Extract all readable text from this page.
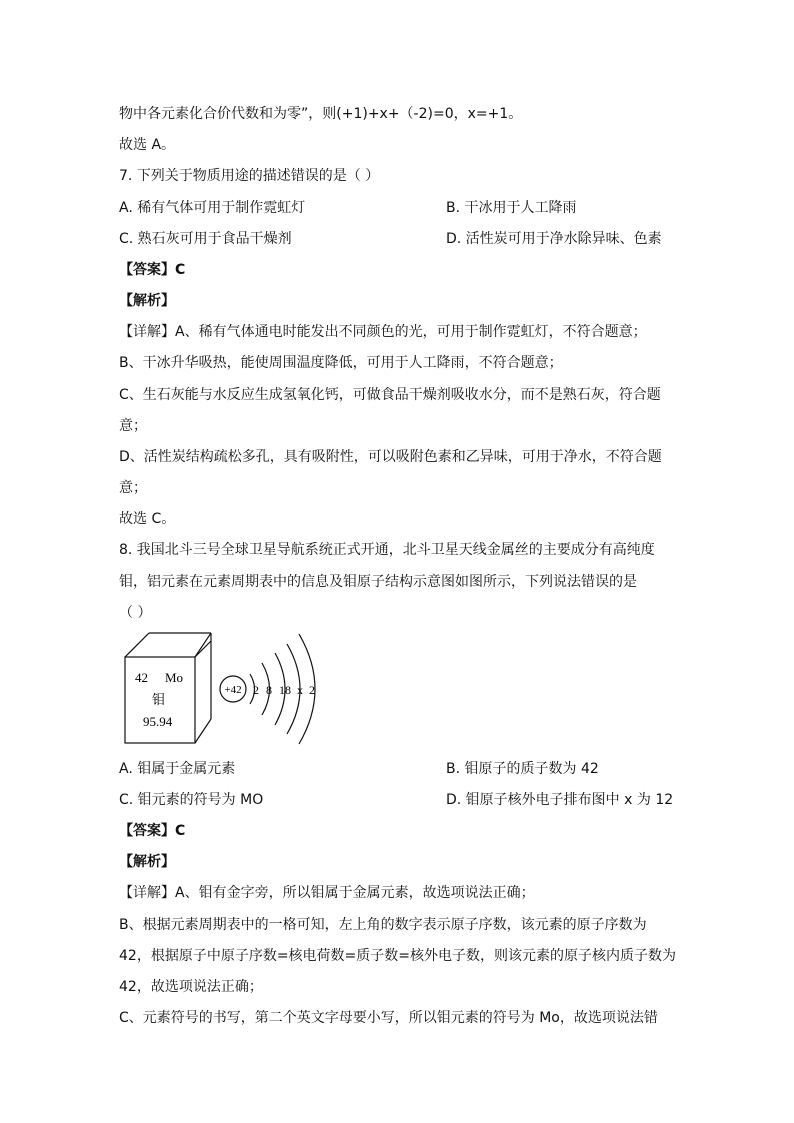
物中各元素化合价代数和为零”，则(+1)+x+（-2)=0，x=+1。
故选 A。
7. 下列关于物质用途的描述错误的是（ ）
A. 稀有气体可用于制作霓虹灯	B. 干冰用于人工降雨
C. 熟石灰可用于食品干燥剂	D. 活性炭可用于净水除异味、色素
【答案】C
【解析】
【详解】A、稀有气体通电时能发出不同颜色的光，可用于制作霓虹灯，不符合题意；
B、干冰升华吸热，能使周围温度降低，可用于人工降雨，不符合题意；
C、生石灰能与水反应生成氢氧化钙，可做食品干燥剂吸收水分，而不是熟石灰，符合题
意；
D、活性炭结构疏松多孔，具有吸附性，可以吸附色素和乙异味，可用于净水，不符合题
意；
故选 C。
8. 我国北斗三号全球卫星导航系统正式开通，北斗卫星天线金属丝的主要成分有高纯度
钼，铝元素在元素周期表中的信息及钼原子结构示意图如图所示，下列说法错误的是
（ ）
42 Mo
钼
95.94
+42 2 8 18 x 2
A. 钼属于金属元素	B. 钼原子的质子数为 42
C. 钼元素的符号为 MO	D. 钼原子核外电子排布图中 x 为 12
【答案】C
【解析】
【详解】A、钼有金字旁，所以钼属于金属元素，故选项说法正确；
B、根据元素周期表中的一格可知，左上角的数字表示原子序数，该元素的原子序数为
42，根据原子中原子序数=核电荷数=质子数=核外电子数，则该元素的原子核内质子数为
42，故选项说法正确；
C、元素符号的书写，第二个英文字母要小写，所以钼元素的符号为 Mo，故选项说法错
